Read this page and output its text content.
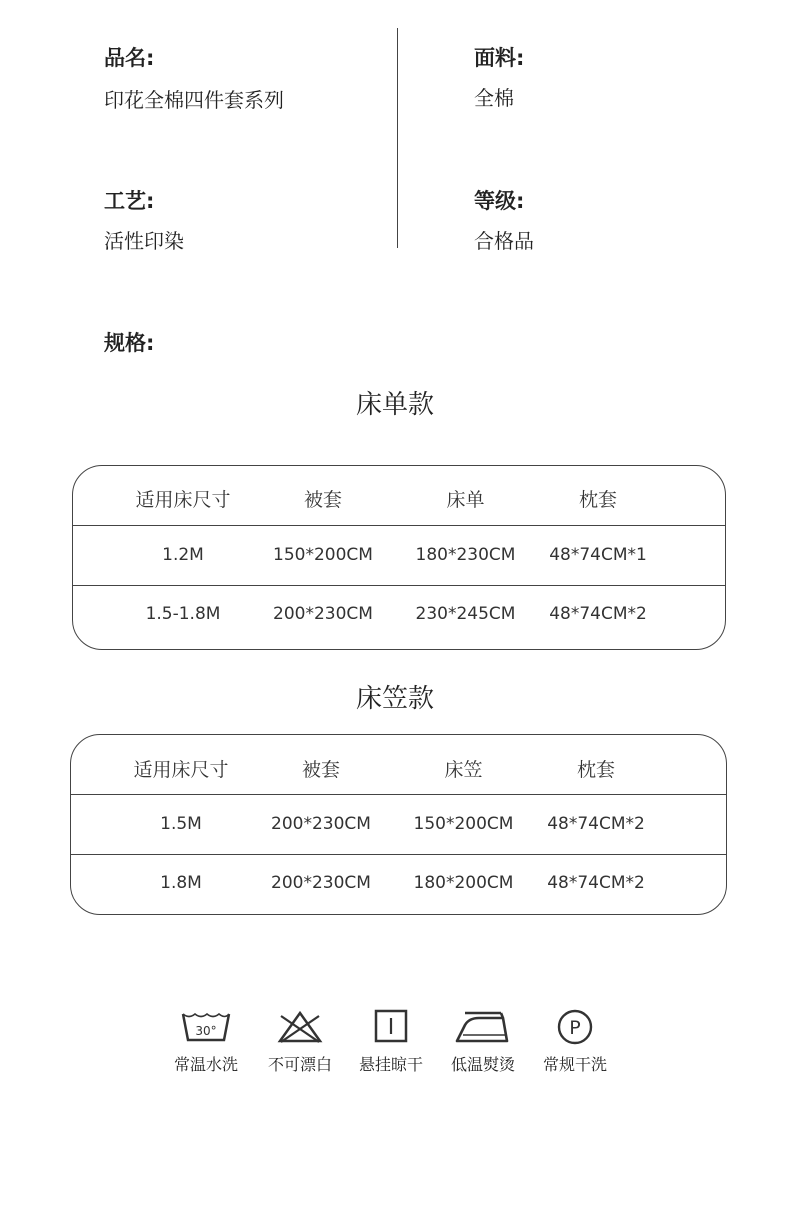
品名:
印花全棉四件套系列
面料:
全棉
工艺:
活性印染
等级:
合格品
规格:
床单款
适用床尺寸	被套	床单	枕套
1.2M	150*200CM	180*230CM	48*74CM*1
1.5-1.8M	200*230CM	230*245CM	48*74CM*2
床笠款
适用床尺寸	被套	床笠	枕套
1.5M	200*230CM	150*200CM	48*74CM*2
1.8M	200*230CM	180*200CM	48*74CM*2
30°
常温水洗	不可漂白	悬挂晾干	低温熨烫
P
常规干洗
